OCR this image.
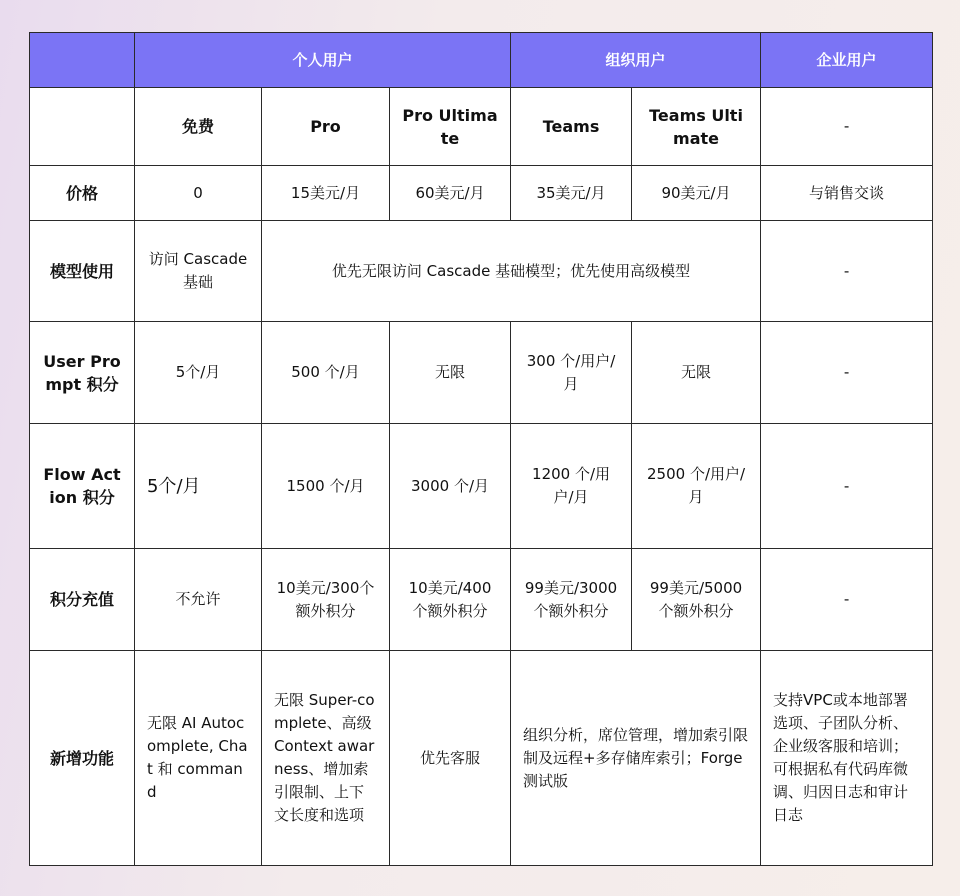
	个人用户			组织用户		企业用户
	免费	Pro	Pro Ultimate	Teams	Teams Ultimate	-
价格	0	15美元/月	60美元/月	35美元/月	90美元/月	与销售交谈
模型使用	访问 Cascade 基础	优先无限访问 Cascade 基础模型；优先使用高级模型				-
User Prompt 积分	5个/月	500 个/月	无限	300 个/用户/月	无限	-
Flow Action 积分	5个/月	1500 个/月	3000 个/月	1200 个/用户/月	2500 个/用户/月	-
积分充值	不允许	10美元/300个额外积分	10美元/400个额外积分	99美元/3000个额外积分	99美元/5000个额外积分	-
新增功能	无限 AI Autocomplete, Chat 和 command	无限 Super-complete、高级 Context awarness、增加索引限制、上下文长度和选项	优先客服	组织分析，席位管理，增加索引限制及远程+多存储库索引；Forge 测试版		支持VPC或本地部署选项、子团队分析、企业级客服和培训；可根据私有代码库微调、归因日志和审计日志
